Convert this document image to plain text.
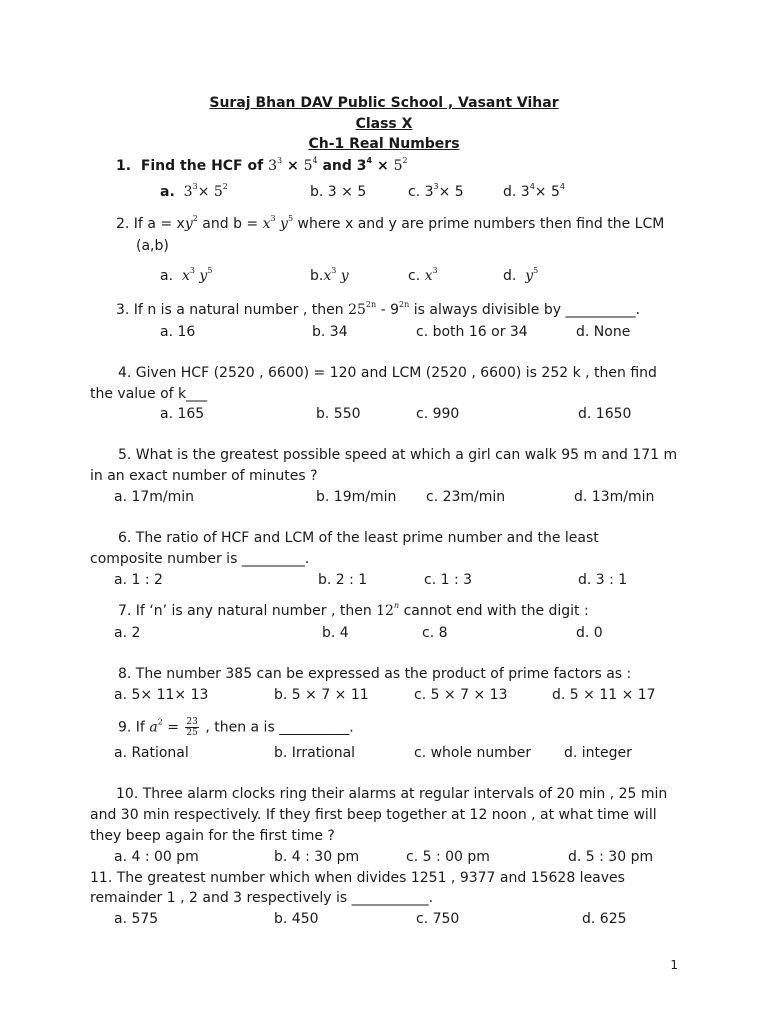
Suraj Bhan DAV Public School , Vasant Vihar
Class X
Ch-1 Real Numbers
1. Find the HCF of $3^3 \times 5^4$ and $3^4 \times 5^2$
a. $3^3\times 5^2$	b. 3 × 5	c. $3^3\times 5$	d. $3^4\times 5^4$
2. If $a = xy^2$ and $b = x^3$ $y^5$ where x and y are prime numbers then find the LCM
(a,b)
a.  $x^3$ $y^5$	$b.x^3$ y	c. $x^3$	d.  $y^5$
3. If n is a natural number , then $25^{2n} - 9^{2n}$ is always divisible by __________.
a. 16	b. 34	c. both 16 or 34	d. None
4. Given HCF (2520 , 6600) = 120 and LCM (2520 , 6600) is 252 k , then find
the value of k___
a. 165	b. 550	c. 990	d. 1650
5. What is the greatest possible speed at which a girl can walk 95 m and 171 m
in an exact number of minutes ?
a. 17m/min	b. 19m/min c. 23m/min	d. 13m/min
6. The ratio of HCF and LCM of the least prime number and the least
composite number is _________.
a. 1 : 2	b. 2 : 1	c. 1 : 3	d. 3 : 1
7. If ‘n’ is any natural number , then 12$^n$ cannot end with the digit :
a. 2	b. 4	c. 8	d. 0
8. The number 385 can be expressed as the product of prime factors as :
a. 5× 11× 13	b. 5 × 7 × 11	c. 5 × 7 × 13	d. 5 × 11 × 17
9. If $a^2 = \frac{23}{25}$ , then a is __________.
a. Rational	b. Irrational	c. whole number d. integer
10. Three alarm clocks ring their alarms at regular intervals of 20 min , 25 min
and 30 min respectively. If they first beep together at 12 noon , at what time will
they beep again for the first time ?
a. 4 : 00 pm	b. 4 : 30 pm	c. 5 : 00 pm	d. 5 : 30 pm
11. The greatest number which when divides 1251 , 9377 and 15628 leaves
remainder 1 , 2 and 3 respectively is ___________.
a. 575	b. 450	c. 750	d. 625
1
